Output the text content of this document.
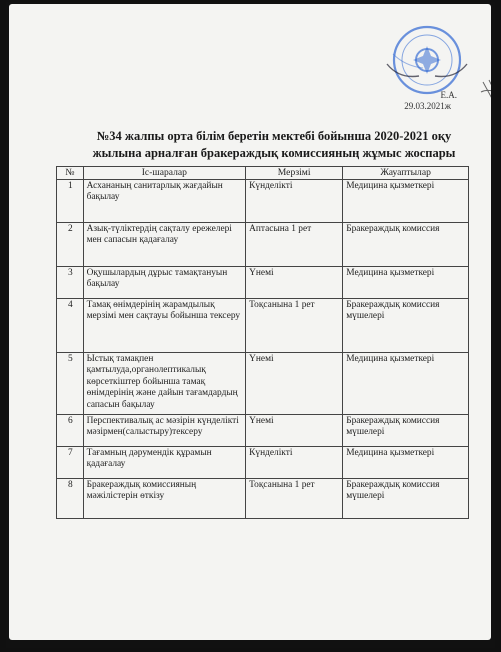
Е.А.
29.03.2021ж
№34 жалпы орта білім беретін мектебі бойынша 2020-2021 оқу
жылына арналған бракераждық комиссияның жұмыс жоспары
№	Іс-шаралар	Мерзімі	Жауаптылар
1	Асхананың санитарлық жағдайын бақылау	Күнделікті	Медицина қызметкері
2	Азық-түліктердің сақталу ережелері мен сапасын қадағалау	Аптасына 1 рет	Бракераждық комиссия
3	Оқушылардың дұрыс тамақтануын бақылау	Үнемі	Медицина қызметкері
4	Тамақ өнімдерінің жарамдылық мерзімі мен сақтауы бойынша тексеру	Тоқсанына 1 рет	Бракераждық комиссия мүшелері
5	Ыстық тамақпен қамтылуда,органолептикалық көрсеткіштер бойынша тамақ өнімдерінің және дайын тағамдардың сапасын бақылау	Үнемі	Медицина қызметкері
6	Перспективалық ас мәзірін күнделікті мәзірмен(салыстыру)тексеру	Үнемі	Бракераждық комиссия мүшелері
7	Тағамның дәрумендік құрамын қадағалау	Күнделікті	Медицина қызметкері
8	Бракераждық комиссияның мәжілістерін өткізу	Тоқсанына 1 рет	Бракераждық комиссия мүшелері
